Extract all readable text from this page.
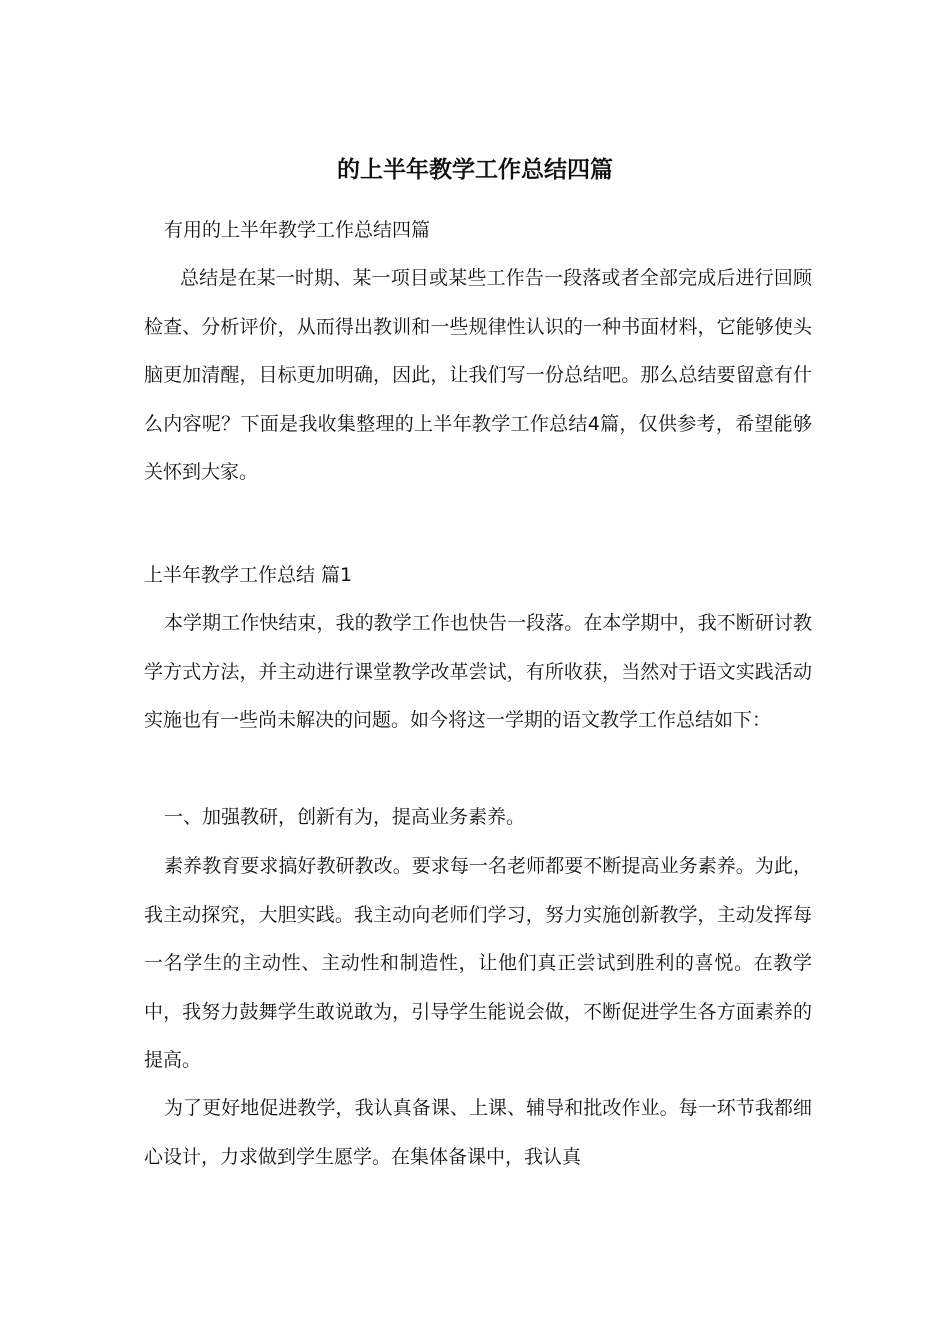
的上半年教学工作总结四篇

有用的上半年教学工作总结四篇

总结是在某一时期、某一项目或某些工作告一段落或者全部完成后进行回顾检查、分析评价，从而得出教训和一些规律性认识的一种书面材料，它能够使头脑更加清醒，目标更加明确，因此，让我们写一份总结吧。那么总结要留意有什么内容呢？下面是我收集整理的上半年教学工作总结4篇，仅供参考，希望能够关怀到大家。

上半年教学工作总结 篇1

本学期工作快结束，我的教学工作也快告一段落。在本学期中，我不断研讨教学方式方法，并主动进行课堂教学改革尝试，有所收获，当然对于语文实践活动实施也有一些尚未解决的问题。如今将这一学期的语文教学工作总结如下：

一、加强教研，创新有为，提高业务素养。

素养教育要求搞好教研教改。要求每一名老师都要不断提高业务素养。为此，我主动探究，大胆实践。我主动向老师们学习，努力实施创新教学，主动发挥每一名学生的主动性、主动性和制造性，让他们真正尝试到胜利的喜悦。在教学中，我努力鼓舞学生敢说敢为，引导学生能说会做，不断促进学生各方面素养的提高。

为了更好地促进教学，我认真备课、上课、辅导和批改作业。每一环节我都细心设计，力求做到学生愿学。在集体备课中，我认真
